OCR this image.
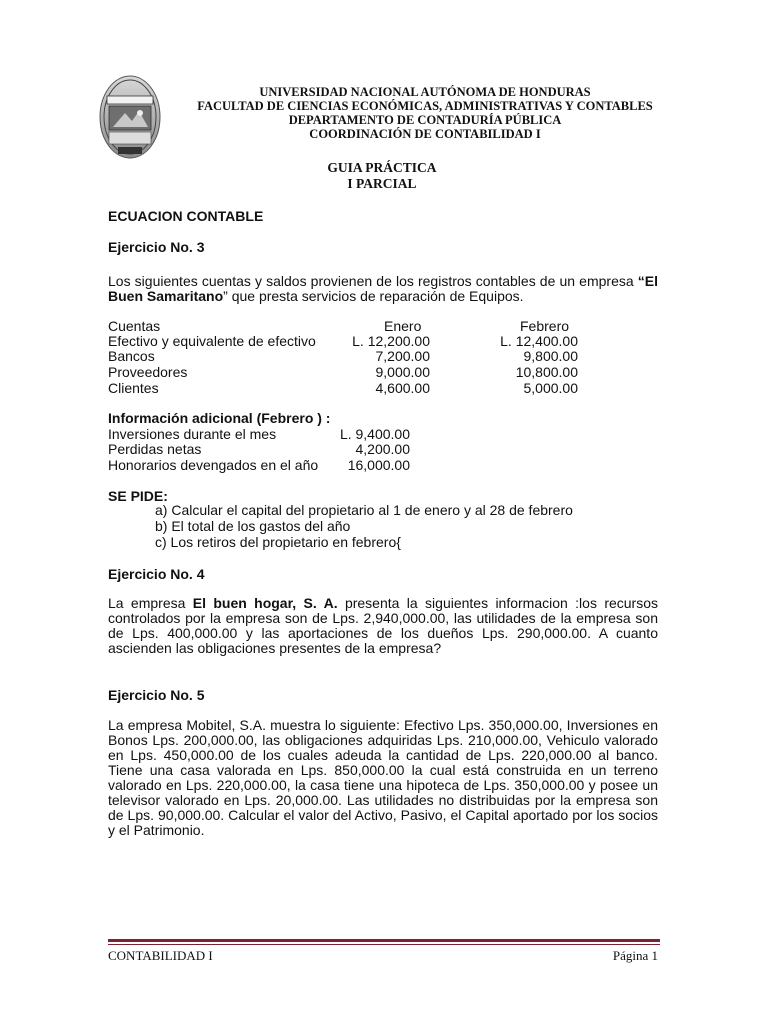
UNIVERSIDAD NACIONAL AUTÓNOMA DE HONDURAS
FACULTAD DE CIENCIAS ECONÓMICAS, ADMINISTRATIVAS Y CONTABLES
DEPARTAMENTO DE CONTADURÍA PÚBLICA
COORDINACIÓN DE CONTABILIDAD I
GUIA PRÁCTICA
I PARCIAL
ECUACION CONTABLE
Ejercicio No. 3
Los siguientes cuentas y saldos provienen de los registros contables de un empresa “El Buen Samaritano” que presta servicios de reparación de Equipos.
Cuentas	Enero	Febrero
Efectivo y equivalente de efectivo	L. 12,200.00	L. 12,400.00
Bancos	7,200.00	9,800.00
Proveedores	9,000.00	10,800.00
Clientes	4,600.00	5,000.00
Información adicional (Febrero ) :
Inversiones durante el mes	L. 9,400.00
Perdidas netas	4,200.00
Honorarios devengados en el año 16,000.00
SE PIDE:
a) Calcular el capital del propietario al 1 de enero y al 28 de febrero
b) El total de los gastos del año
c) Los retiros del propietario en febrero{
Ejercicio No. 4
La empresa El buen hogar, S. A. presenta la siguientes informacion :los recursos controlados por la empresa son de Lps. 2,940,000.00, las utilidades de la empresa son de Lps. 400,000.00 y las aportaciones de los dueños Lps. 290,000.00. A cuanto ascienden las obligaciones presentes de la empresa?
Ejercicio No. 5
La empresa Mobitel, S.A. muestra lo siguiente: Efectivo Lps. 350,000.00, Inversiones en Bonos Lps. 200,000.00, las obligaciones adquiridas Lps. 210,000.00, Vehiculo valorado en Lps. 450,000.00 de los cuales adeuda la cantidad de Lps. 220,000.00 al banco. Tiene una casa valorada en Lps. 850,000.00 la cual está construida en un terreno valorado en Lps. 220,000.00, la casa tiene una hipoteca de Lps. 350,000.00 y posee un televisor valorado en Lps. 20,000.00. Las utilidades no distribuidas por la empresa son de Lps. 90,000.00. Calcular el valor del Activo, Pasivo, el Capital aportado por los socios y el Patrimonio.
CONTABILIDAD I	Página 1
